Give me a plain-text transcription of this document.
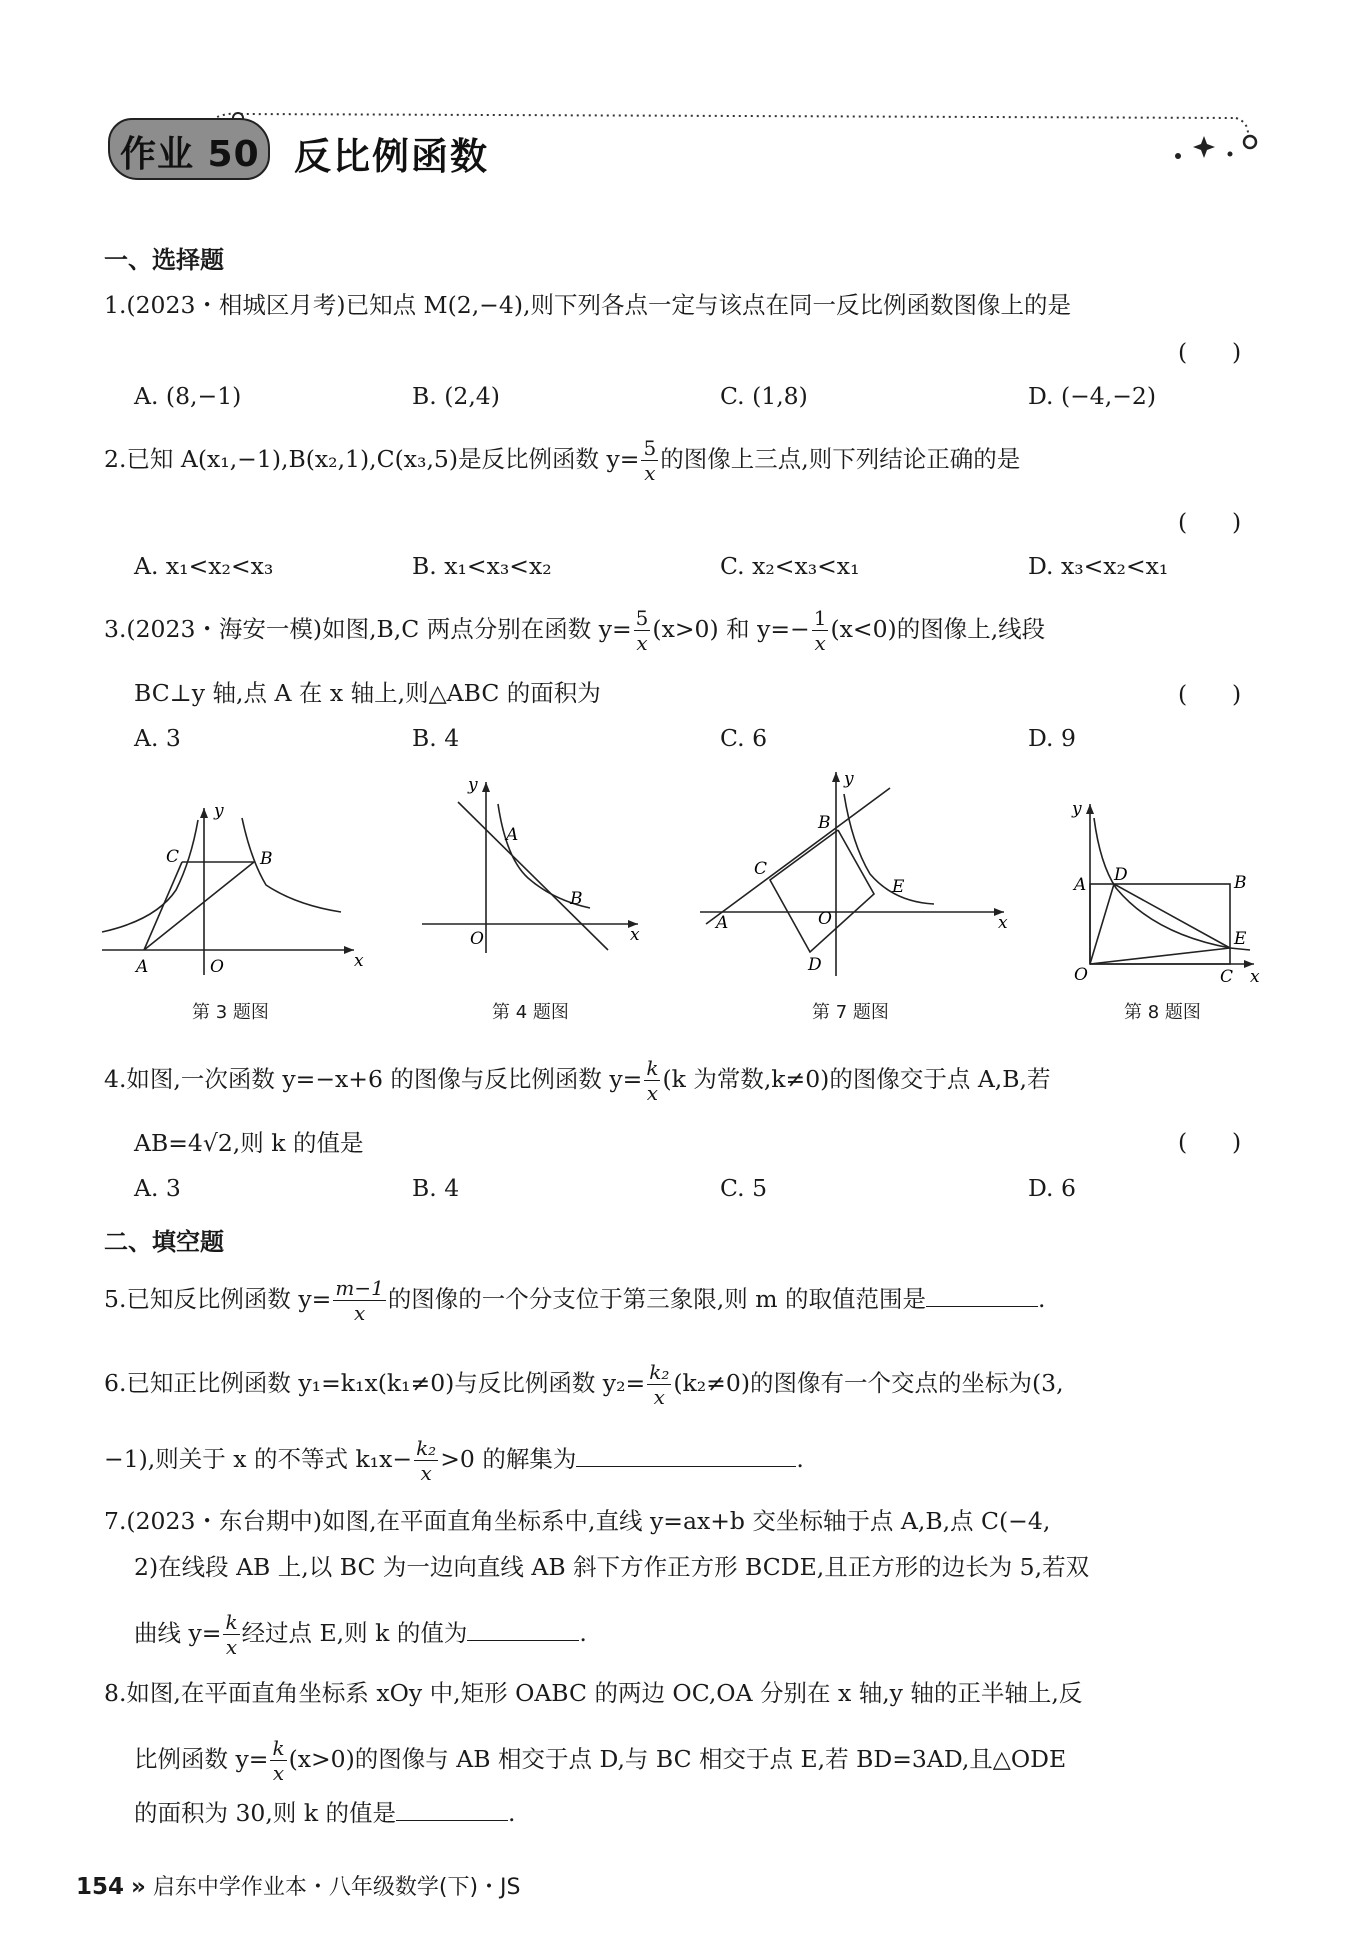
作业 50 反比例函数
一、选择题
1.(2023・相城区月考)已知点 M(2,−4),则下列各点一定与该点在同一反比例函数图像上的是
(      )
A. (8,−1)	B. (2,4)	C. (1,8)	D. (−4,−2)
2.已知 A(x₁,−1),B(x₂,1),C(x₃,5)是反比例函数 $y= \frac{5}{x}$ 的图像上三点,则下列结论正确的是
(      )
A. x₁<x₂<x₃	B. x₁<x₃<x₂	C. x₂<x₃<x₁	D. x₃<x₂<x₁
3.(2023・海安一模)如图,B,C 两点分别在函数 $y= \frac{5}{x} (x>0)$ 和 $y=- \frac{1}{x} (x<0)$的图像上,线段
BC⊥y 轴,点 A 在 x 轴上,则△ABC 的面积为	(      )
A. 3	B. 4	C. 6	D. 9
y
C	B
A	O	x
y
A
B
O	x
y
B
C
E
A	O
D
x
y
A D	B
E
O	C x
第 3 题图	第 4 题图	第 7 题图	第 8 题图
4.如图,一次函数 y=−x+6 的图像与反比例函数 $y= \frac{k}{x} (k$ 为常数,k≠0)的图像交于点 A,B,若
AB=4√2,则 k 的值是	(      )
A. 3	B. 4	C. 5	D. 6
二、填空题
5.已知反比例函数 $y= \frac{m-1}{x}$ 的图像的一个分支位于第三象限,则 m 的取值范围是	.
6.已知正比例函数 y₁=k₁x(k₁≠0)与反比例函数 $y_2= \frac{\text{k₂}}{x} (k_2\ne 0)$的图像有一个交点的坐标为(3,
−1),则关于 x 的不等式 $k_1x- \frac{\text{k₂}}{x} >0$ 的解集为	.
7.(2023・东台期中)如图,在平面直角坐标系中,直线 y=ax+b 交坐标轴于点 A,B,点 C(−4,
2)在线段 AB 上,以 BC 为一边向直线 AB 斜下方作正方形 BCDE,且正方形的边长为 5,若双
曲线 $y= \frac{k}{x}$ 经过点 E,则 k 的值为	.
8.如图,在平面直角坐标系 xOy 中,矩形 OABC 的两边 OC,OA 分别在 x 轴,y 轴的正半轴上,反
比例函数 $y= \frac{k}{x} (x>0)$的图像与 AB 相交于点 D,与 BC 相交于点 E,若 BD=3AD,且△ODE
的面积为 30,则 k 的值是	.
154 » 启东中学作业本・八年级数学(下)・JS
